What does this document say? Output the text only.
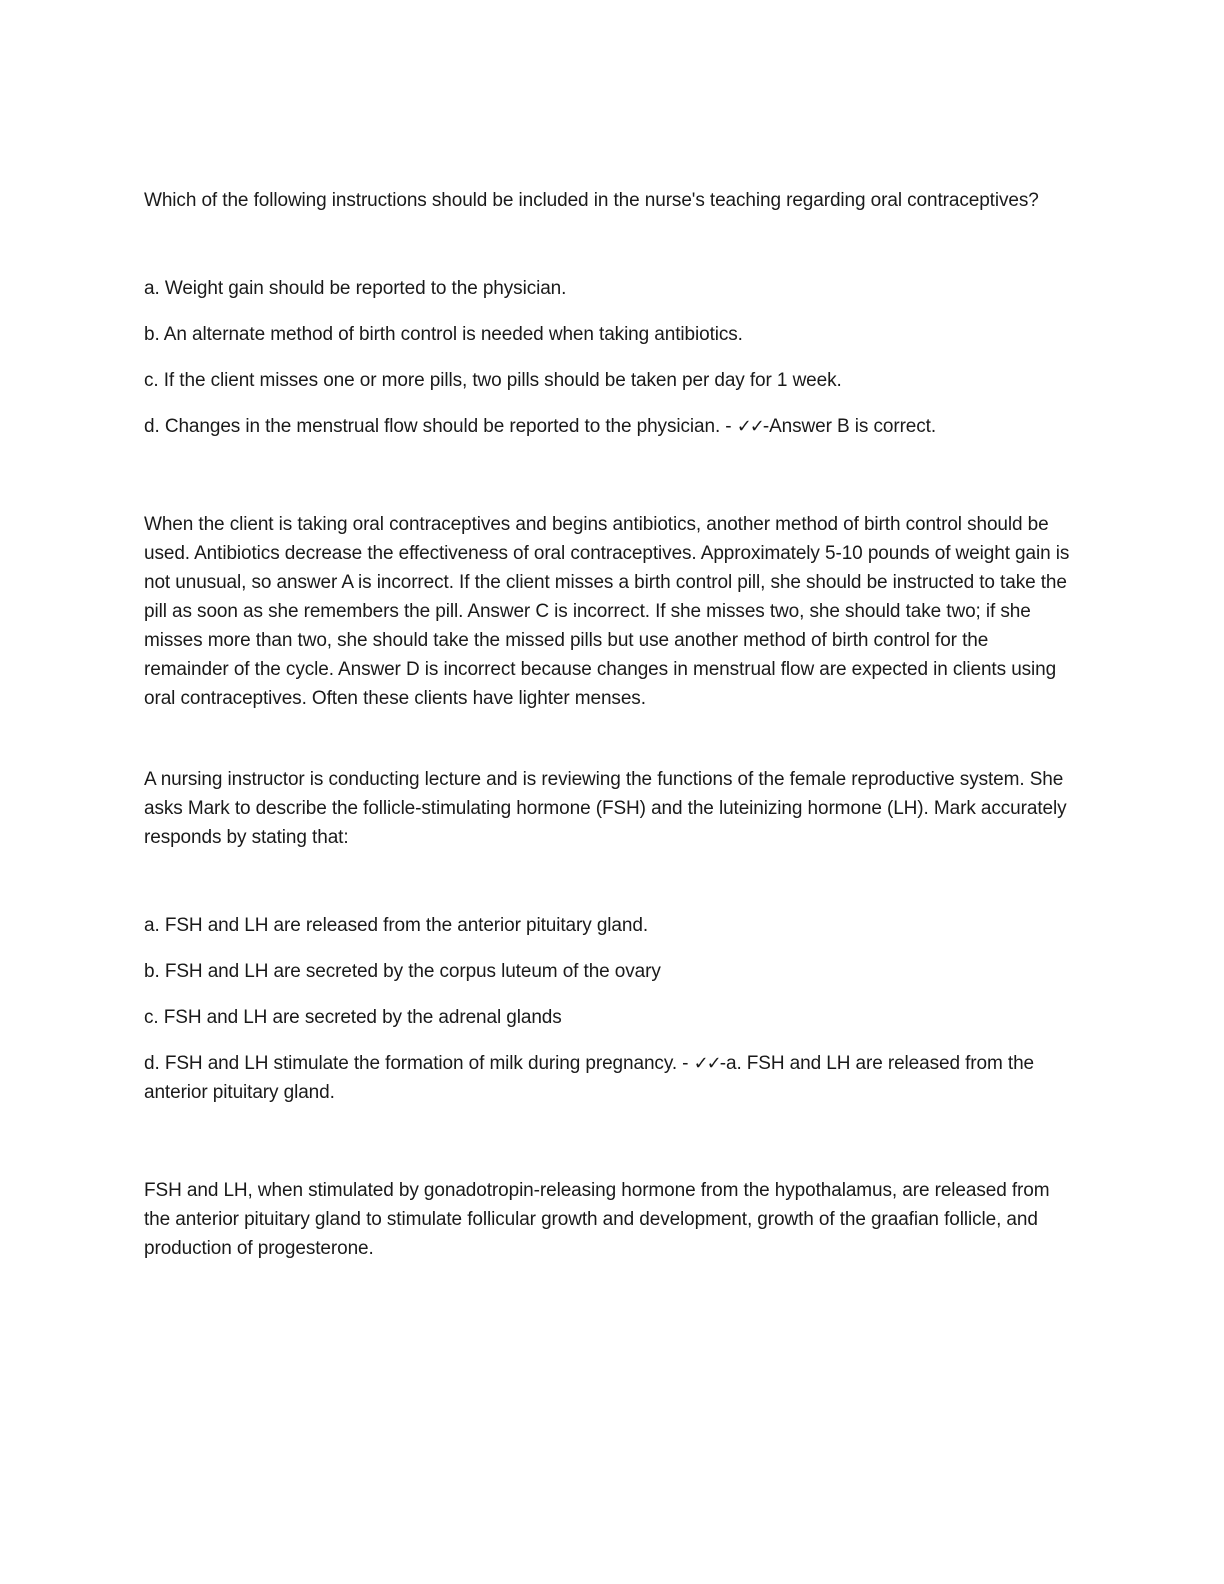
Which of the following instructions should be included in the nurse's teaching regarding oral contraceptives?

a. Weight gain should be reported to the physician.

b. An alternate method of birth control is needed when taking antibiotics.

c. If the client misses one or more pills, two pills should be taken per day for 1 week.

d. Changes in the menstrual flow should be reported to the physician. - ✓✓-Answer B is correct.

When the client is taking oral contraceptives and begins antibiotics, another method of birth control should be used. Antibiotics decrease the effectiveness of oral contraceptives. Approximately 5-10 pounds of weight gain is not unusual, so answer A is incorrect. If the client misses a birth control pill, she should be instructed to take the pill as soon as she remembers the pill. Answer C is incorrect. If she misses two, she should take two; if she misses more than two, she should take the missed pills but use another method of birth control for the remainder of the cycle. Answer D is incorrect because changes in menstrual flow are expected in clients using oral contraceptives. Often these clients have lighter menses.

A nursing instructor is conducting lecture and is reviewing the functions of the female reproductive system. She asks Mark to describe the follicle-stimulating hormone (FSH) and the luteinizing hormone (LH). Mark accurately responds by stating that:

a. FSH and LH are released from the anterior pituitary gland.

b. FSH and LH are secreted by the corpus luteum of the ovary

c. FSH and LH are secreted by the adrenal glands

d. FSH and LH stimulate the formation of milk during pregnancy. - ✓✓-a. FSH and LH are released from the anterior pituitary gland.

FSH and LH, when stimulated by gonadotropin-releasing hormone from the hypothalamus, are released from the anterior pituitary gland to stimulate follicular growth and development, growth of the graafian follicle, and production of progesterone.
